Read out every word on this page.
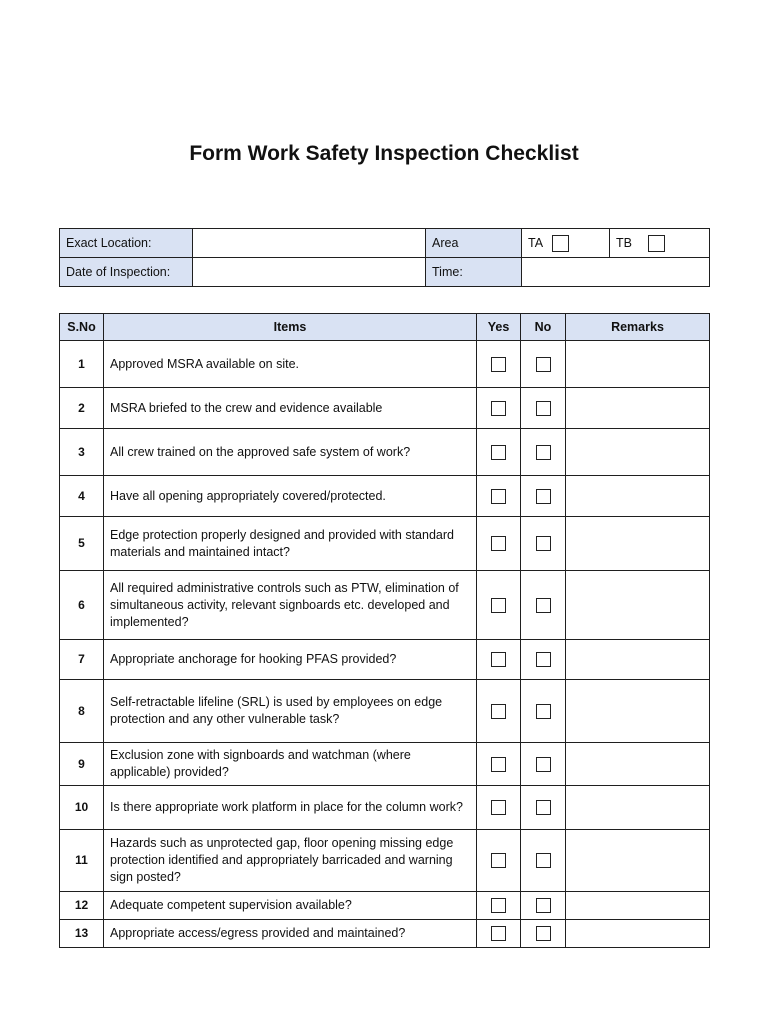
Form Work Safety Inspection Checklist
Exact Location:		Area	TA	TB

Date of Inspection:		Time:		
S.No	Items	Yes	No	Remarks
1	Approved MSRA available on site.			
2	MSRA briefed to the crew and evidence available			
3	All crew trained on the approved safe system of work?			
4	Have all opening appropriately covered/protected.			
5	Edge protection properly designed and provided with standard materials and maintained intact?			
6	All required administrative controls such as PTW, elimination of simultaneous activity, relevant signboards etc. developed and implemented?			
7	Appropriate anchorage for hooking PFAS provided?			
8	Self-retractable lifeline (SRL) is used by employees on edge protection and any other vulnerable task?			
9	Exclusion zone with signboards and watchman (where applicable) provided?			
10	Is there appropriate work platform in place for the column work?			
11	Hazards such as unprotected gap, floor opening missing edge protection identified and appropriately barricaded and warning sign posted?			
12	Adequate competent supervision available?			
13	Appropriate access/egress provided and maintained?			
